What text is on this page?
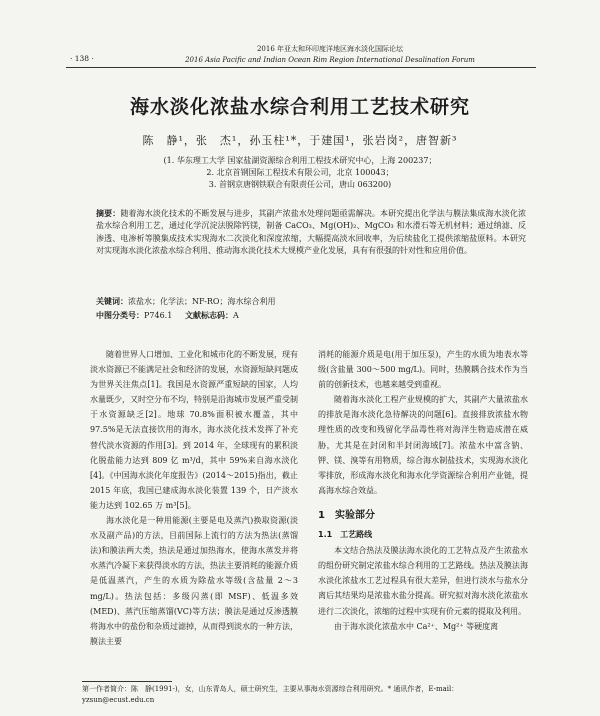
· 138 ·
2016 年亚太和环印度洋地区海水淡化国际论坛
2016 Asia Pacific and Indian Ocean Rim Region International Desalination Forum
海水淡化浓盐水综合利用工艺技术研究
陈　静¹，张　杰¹，孙玉柱¹*，于建国¹，张岩岗²，唐智新³
(1. 华东理工大学 国家盐湖资源综合利用工程技术研究中心，上海 200237；
2. 北京首钢国际工程技术有限公司，北京 100043；
3. 首钢京唐钢铁联合有限责任公司，唐山 063200)
摘要：随着海水淡化技术的不断发展与进步，其副产浓盐水处理问题亟需解决。本研究提出化学法与膜法集成海水淡化浓盐水综合利用工艺，通过化学沉淀法脱除钙镁，制备 CaCO₃、Mg(OH)₂、MgCO₃ 和水滑石等无机材料；通过纳滤、反渗透、电渗析等膜集成技术实现海水二次淡化和深度浓缩，大幅提高淡水回收率，为后续盐化工提供浓缩盐原料。本研究对实现海水淡化浓盐水综合利用、推动海水淡化技术大规模产业化发展，具有有很强的针对性和应用价值。
关键词：浓盐水；化学法；NF-RO；海水综合利用
中图分类号：P746.1 文献标志码：A

随着世界人口增加、工业化和城市化的不断发展，现有淡水资源已不能满足社会和经济的发展，水资源短缺问题成为世界关注焦点[1]。我国是水资源严重短缺的国家，人均水量既少，又时空分布不均，特别是沿海城市发展严重受制于水资源缺乏[2]。地球 70.8%面积被水覆盖，其中 97.5%是无法直接饮用的海水，海水淡化技术发挥了补充替代淡水资源的作用[3]。到 2014 年，全球现有的累积淡化脱盐能力达到 809 亿 m³/d，其中 59%来自海水淡化[4]。《中国海水淡化年度报告》(2014～2015)指出，截止 2015 年底，我国已建成海水淡化装置 139 个，日产淡水能力达到 102.65 万 m³[5]。

海水淡化是一种用能源(主要是电及蒸汽)换取资源(淡水及副产品)的方法，目前国际上流行的方法为热法(蒸馏法)和膜法两大类，热法是通过加热海水，使海水蒸发并将水蒸汽冷凝下来获得淡水的方法，热法主要消耗的能源介质是低温蒸汽，产生的水质为除盐水等级(含盐量 2～3 mg/L)。热法包括：多级闪蒸(即 MSF)、低温多效(MED)、蒸汽压缩蒸馏(VC)等方法；膜法是通过反渗透膜将海水中的盐份和杂质过滤掉，从而得到淡水的一种方法，膜法主要

消耗的能源介质是电(用于加压泵)，产生的水质为地表水等级(含盐量 300～500 mg/L)。同时，热膜耦合技术作为当前的创新技术，也越来越受到重视。

随着海水淡化工程产业规模的扩大，其副产大量浓盐水的排放是海水淡化急待解决的问题[6]。直接排放浓盐水物理性质的改变和残留化学品毒性将对海洋生物造成潜在威胁，尤其是在封闭和半封闭海域[7]。浓盐水中富含钠、钾、镁、溴等有用物质，综合海水制盐技术，实现海水淡化零排放，形成海水淡化和海水化学资源综合利用产业链，提高海水综合效益。

1　实验部分
1.1　工艺路线

本文结合热法及膜法海水淡化的工艺特点及产生浓盐水的组份研究制定浓盐水综合利用的工艺路线。热法及膜法海水淡化浓盐水工艺过程具有很大差异，但进行淡水与盐水分离后其结果均是浓盐水盐分提高。研究拟对海水淡化浓盐水进行二次淡化，浓缩的过程中实现有价元素的提取及利用。

由于海水淡化浓盐水中 Ca²⁺、Mg²⁺ 等硬度离

第一作者简介：陈　静(1991-)，女，山东青岛人，硕士研究生，主要从事海水资源综合利用研究。* 通讯作者，E-mail：yzsun@ecust.edu.cn
